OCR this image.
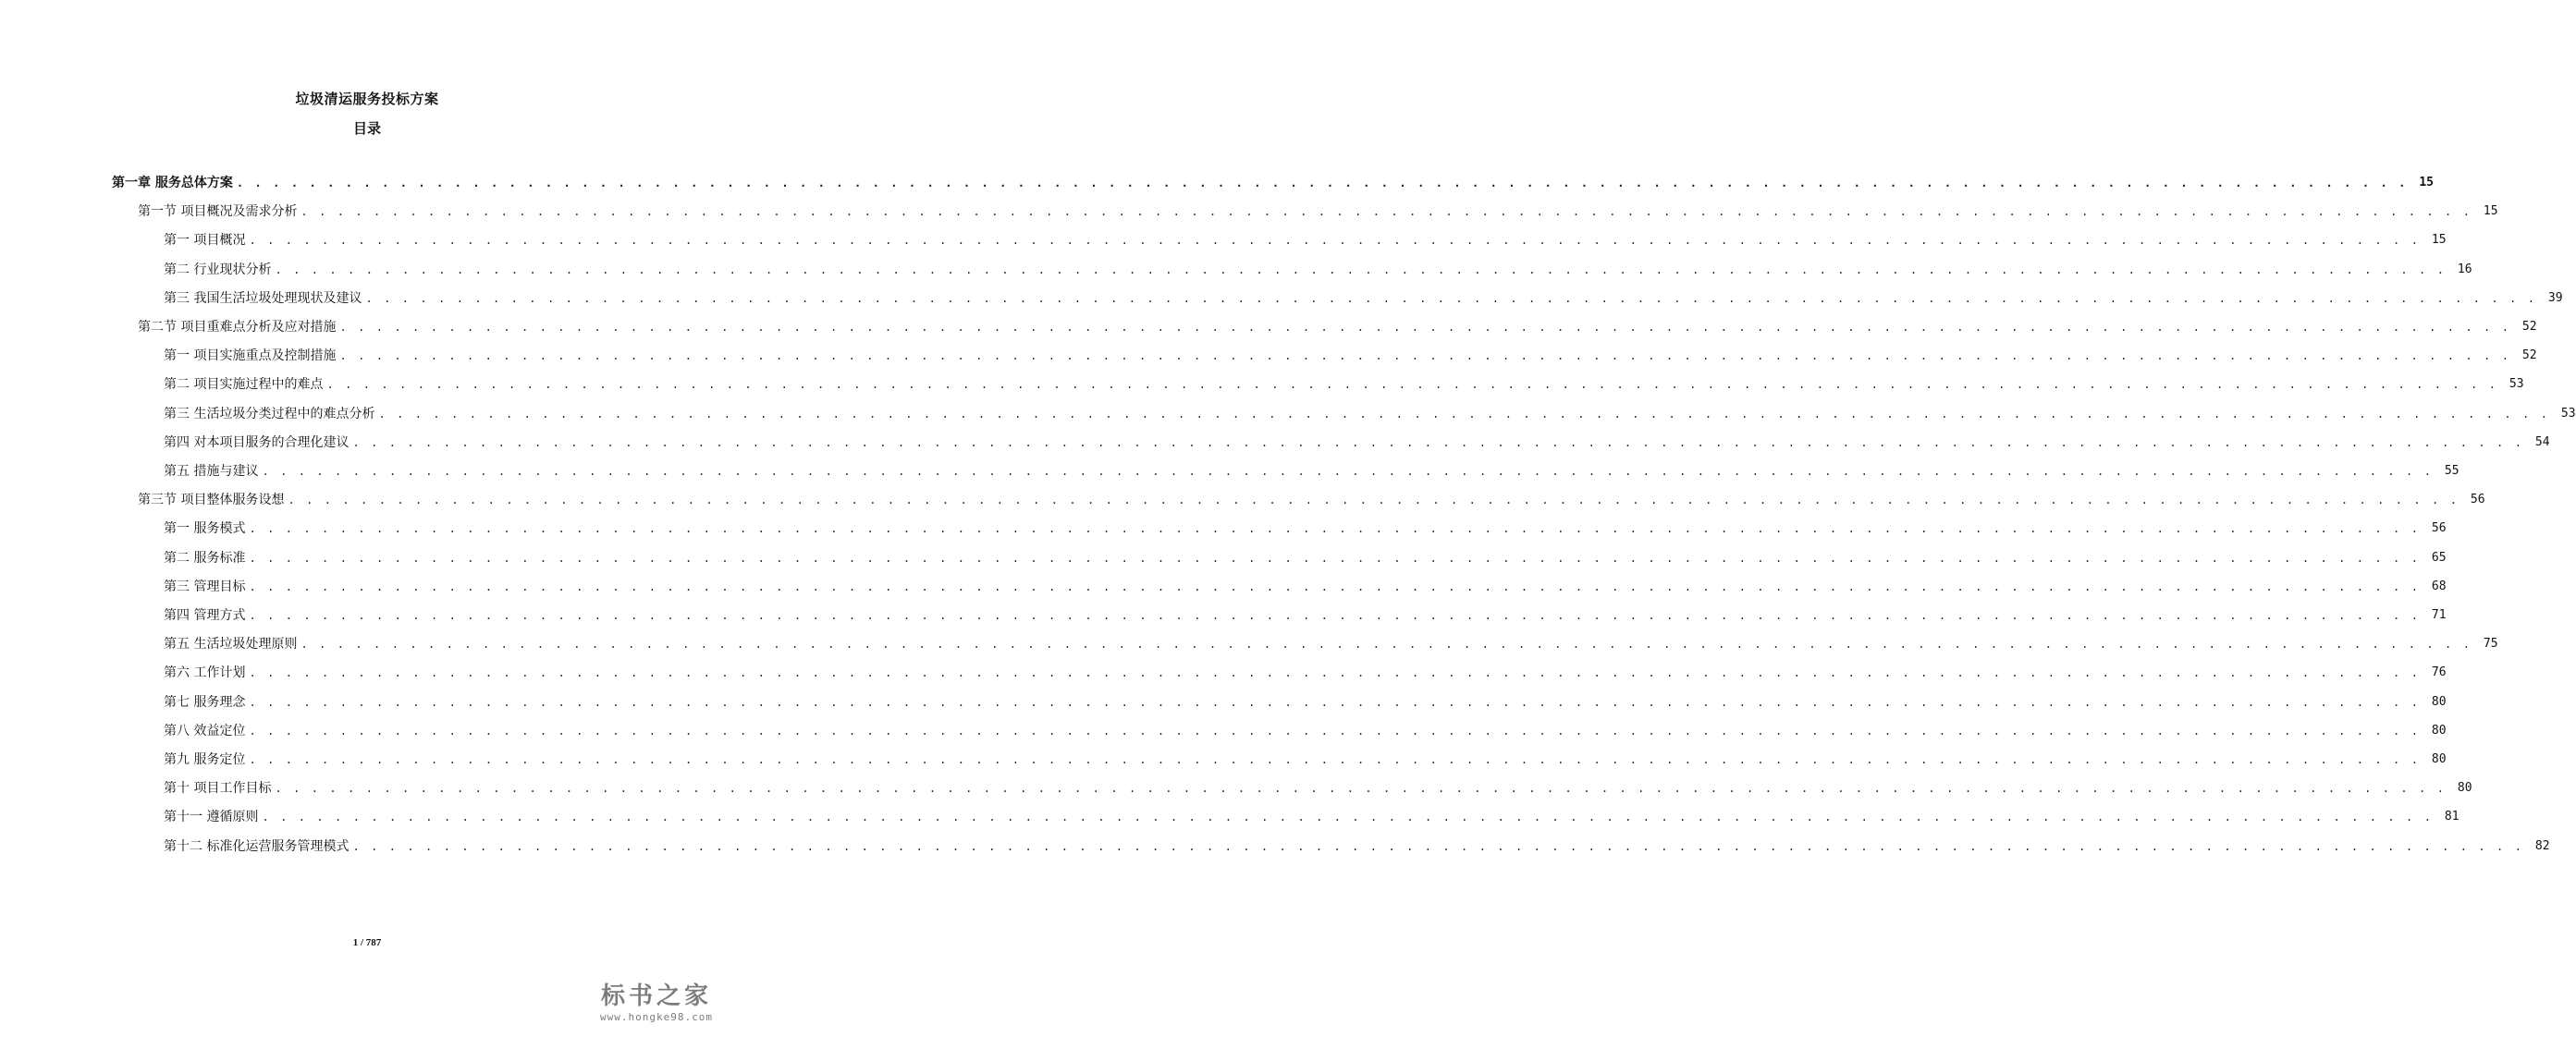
垃圾清运服务投标方案
目录
第一章 服务总体方案 . . . . . . . . . . . . . . . . . . . . . . . . . . . . . . . . . . . . . . . . . . . . . . . . . . . . . . . . . . . . . . . . . . . . . . . . . . . . . . . . . . . . . . . . . . . . . . . . . . . . . . . . . . . . . . . . . . . . . . . . 15
第一节 项目概况及需求分析 . . . . . . . . . . . . . . . . . . . . . . . . . . . . . . . . . . . . . . . . . . . . . . . . . . . . . . . . . . . . . . . . . . . . . . . . . . . . . . . . . . . . . . . . . . . . . . . . . . . . . . . . . . . . . . . . . . . . . . . . 15
第一 项目概况 . . . . . . . . . . . . . . . . . . . . . . . . . . . . . . . . . . . . . . . . . . . . . . . . . . . . . . . . . . . . . . . . . . . . . . . . . . . . . . . . . . . . . . . . . . . . . . . . . . . . . . . . . . . . . . . . . . . . . . . . 15
第二 行业现状分析 . . . . . . . . . . . . . . . . . . . . . . . . . . . . . . . . . . . . . . . . . . . . . . . . . . . . . . . . . . . . . . . . . . . . . . . . . . . . . . . . . . . . . . . . . . . . . . . . . . . . . . . . . . . . . . . . . . . . . . . . 16
第三 我国生活垃圾处理现状及建议 . . . . . . . . . . . . . . . . . . . . . . . . . . . . . . . . . . . . . . . . . . . . . . . . . . . . . . . . . . . . . . . . . . . . . . . . . . . . . . . . . . . . . . . . . . . . . . . . . . . . . . . . . . . . . . . . . . . . . . . . 39
第二节 项目重难点分析及应对措施 . . . . . . . . . . . . . . . . . . . . . . . . . . . . . . . . . . . . . . . . . . . . . . . . . . . . . . . . . . . . . . . . . . . . . . . . . . . . . . . . . . . . . . . . . . . . . . . . . . . . . . . . . . . . . . . . . . . . . . . . 52
第一 项目实施重点及控制措施 . . . . . . . . . . . . . . . . . . . . . . . . . . . . . . . . . . . . . . . . . . . . . . . . . . . . . . . . . . . . . . . . . . . . . . . . . . . . . . . . . . . . . . . . . . . . . . . . . . . . . . . . . . . . . . . . . . . . . . . . 52
第二 项目实施过程中的难点 . . . . . . . . . . . . . . . . . . . . . . . . . . . . . . . . . . . . . . . . . . . . . . . . . . . . . . . . . . . . . . . . . . . . . . . . . . . . . . . . . . . . . . . . . . . . . . . . . . . . . . . . . . . . . . . . . . . . . . . . 53
第三 生活垃圾分类过程中的难点分析 . . . . . . . . . . . . . . . . . . . . . . . . . . . . . . . . . . . . . . . . . . . . . . . . . . . . . . . . . . . . . . . . . . . . . . . . . . . . . . . . . . . . . . . . . . . . . . . . . . . . . . . . . . . . . . . . . . . . . . . . 53
第四 对本项目服务的合理化建议 . . . . . . . . . . . . . . . . . . . . . . . . . . . . . . . . . . . . . . . . . . . . . . . . . . . . . . . . . . . . . . . . . . . . . . . . . . . . . . . . . . . . . . . . . . . . . . . . . . . . . . . . . . . . . . . . . . . . . . . . 54
第五 措施与建议 . . . . . . . . . . . . . . . . . . . . . . . . . . . . . . . . . . . . . . . . . . . . . . . . . . . . . . . . . . . . . . . . . . . . . . . . . . . . . . . . . . . . . . . . . . . . . . . . . . . . . . . . . . . . . . . . . . . . . . . . 55
第三节 项目整体服务设想 . . . . . . . . . . . . . . . . . . . . . . . . . . . . . . . . . . . . . . . . . . . . . . . . . . . . . . . . . . . . . . . . . . . . . . . . . . . . . . . . . . . . . . . . . . . . . . . . . . . . . . . . . . . . . . . . . . . . . . . . 56
第一 服务模式 . . . . . . . . . . . . . . . . . . . . . . . . . . . . . . . . . . . . . . . . . . . . . . . . . . . . . . . . . . . . . . . . . . . . . . . . . . . . . . . . . . . . . . . . . . . . . . . . . . . . . . . . . . . . . . . . . . . . . . . . 56
第二 服务标准 . . . . . . . . . . . . . . . . . . . . . . . . . . . . . . . . . . . . . . . . . . . . . . . . . . . . . . . . . . . . . . . . . . . . . . . . . . . . . . . . . . . . . . . . . . . . . . . . . . . . . . . . . . . . . . . . . . . . . . . . 65
第三 管理目标 . . . . . . . . . . . . . . . . . . . . . . . . . . . . . . . . . . . . . . . . . . . . . . . . . . . . . . . . . . . . . . . . . . . . . . . . . . . . . . . . . . . . . . . . . . . . . . . . . . . . . . . . . . . . . . . . . . . . . . . . 68
第四 管理方式 . . . . . . . . . . . . . . . . . . . . . . . . . . . . . . . . . . . . . . . . . . . . . . . . . . . . . . . . . . . . . . . . . . . . . . . . . . . . . . . . . . . . . . . . . . . . . . . . . . . . . . . . . . . . . . . . . . . . . . . . 71
第五 生活垃圾处理原则 . . . . . . . . . . . . . . . . . . . . . . . . . . . . . . . . . . . . . . . . . . . . . . . . . . . . . . . . . . . . . . . . . . . . . . . . . . . . . . . . . . . . . . . . . . . . . . . . . . . . . . . . . . . . . . . . . . . . . . . . 75
第六 工作计划 . . . . . . . . . . . . . . . . . . . . . . . . . . . . . . . . . . . . . . . . . . . . . . . . . . . . . . . . . . . . . . . . . . . . . . . . . . . . . . . . . . . . . . . . . . . . . . . . . . . . . . . . . . . . . . . . . . . . . . . . 76
第七 服务理念 . . . . . . . . . . . . . . . . . . . . . . . . . . . . . . . . . . . . . . . . . . . . . . . . . . . . . . . . . . . . . . . . . . . . . . . . . . . . . . . . . . . . . . . . . . . . . . . . . . . . . . . . . . . . . . . . . . . . . . . . 80
第八 效益定位 . . . . . . . . . . . . . . . . . . . . . . . . . . . . . . . . . . . . . . . . . . . . . . . . . . . . . . . . . . . . . . . . . . . . . . . . . . . . . . . . . . . . . . . . . . . . . . . . . . . . . . . . . . . . . . . . . . . . . . . . 80
第九 服务定位 . . . . . . . . . . . . . . . . . . . . . . . . . . . . . . . . . . . . . . . . . . . . . . . . . . . . . . . . . . . . . . . . . . . . . . . . . . . . . . . . . . . . . . . . . . . . . . . . . . . . . . . . . . . . . . . . . . . . . . . . 80
第十 项目工作目标 . . . . . . . . . . . . . . . . . . . . . . . . . . . . . . . . . . . . . . . . . . . . . . . . . . . . . . . . . . . . . . . . . . . . . . . . . . . . . . . . . . . . . . . . . . . . . . . . . . . . . . . . . . . . . . . . . . . . . . . . 80
第十一 遵循原则 . . . . . . . . . . . . . . . . . . . . . . . . . . . . . . . . . . . . . . . . . . . . . . . . . . . . . . . . . . . . . . . . . . . . . . . . . . . . . . . . . . . . . . . . . . . . . . . . . . . . . . . . . . . . . . . . . . . . . . . . 81
第十二 标准化运营服务管理模式 . . . . . . . . . . . . . . . . . . . . . . . . . . . . . . . . . . . . . . . . . . . . . . . . . . . . . . . . . . . . . . . . . . . . . . . . . . . . . . . . . . . . . . . . . . . . . . . . . . . . . . . . . . . . . . . . . . . . . . . . 82
1 / 787
标书之家
www.hongke98.com
